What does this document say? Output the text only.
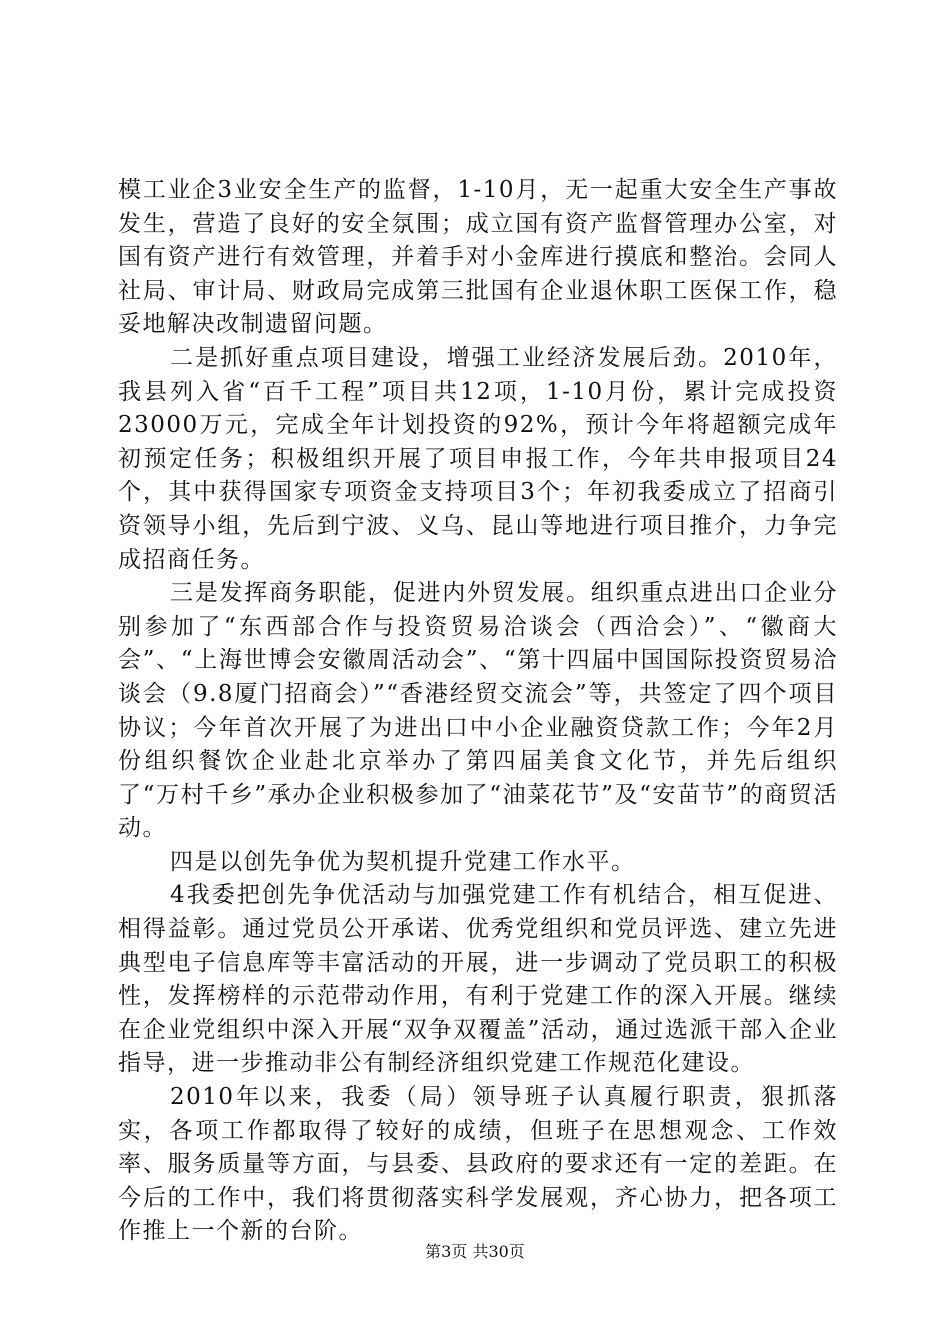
模工业企3业安全生产的监督，1-10月，无一起重大安全生产事故发生，营造了良好的安全氛围；成立国有资产监督管理办公室，对国有资产进行有效管理，并着手对小金库进行摸底和整治。会同人社局、审计局、财政局完成第三批国有企业退休职工医保工作，稳妥地解决改制遗留问题。

二是抓好重点项目建设，增强工业经济发展后劲。2010年，我县列入省“百千工程”项目共12项，1-10月份，累计完成投资23000万元，完成全年计划投资的92%，预计今年将超额完成年初预定任务；积极组织开展了项目申报工作，今年共申报项目24个，其中获得国家专项资金支持项目3个；年初我委成立了招商引资领导小组，先后到宁波、义乌、昆山等地进行项目推介，力争完成招商任务。

三是发挥商务职能，促进内外贸发展。组织重点进出口企业分别参加了“东西部合作与投资贸易洽谈会（西洽会）”、“徽商大会”、“上海世博会安徽周活动会”、“第十四届中国国际投资贸易洽谈会（9.8厦门招商会）”“香港经贸交流会”等，共签定了四个项目协议；今年首次开展了为进出口中小企业融资贷款工作；今年2月份组织餐饮企业赴北京举办了第四届美食文化节，并先后组织了“万村千乡”承办企业积极参加了“油菜花节”及“安苗节”的商贸活动。

四是以创先争优为契机提升党建工作水平。

4我委把创先争优活动与加强党建工作有机结合，相互促进、相得益彰。通过党员公开承诺、优秀党组织和党员评选、建立先进典型电子信息库等丰富活动的开展，进一步调动了党员职工的积极性，发挥榜样的示范带动作用，有利于党建工作的深入开展。继续在企业党组织中深入开展“双争双覆盖”活动，通过选派干部入企业指导，进一步推动非公有制经济组织党建工作规范化建设。

2010年以来，我委（局）领导班子认真履行职责，狠抓落实，各项工作都取得了较好的成绩，但班子在思想观念、工作效率、服务质量等方面，与县委、县政府的要求还有一定的差距。在今后的工作中，我们将贯彻落实科学发展观，齐心协力，把各项工作推上一个新的台阶。

第3页 共30页
